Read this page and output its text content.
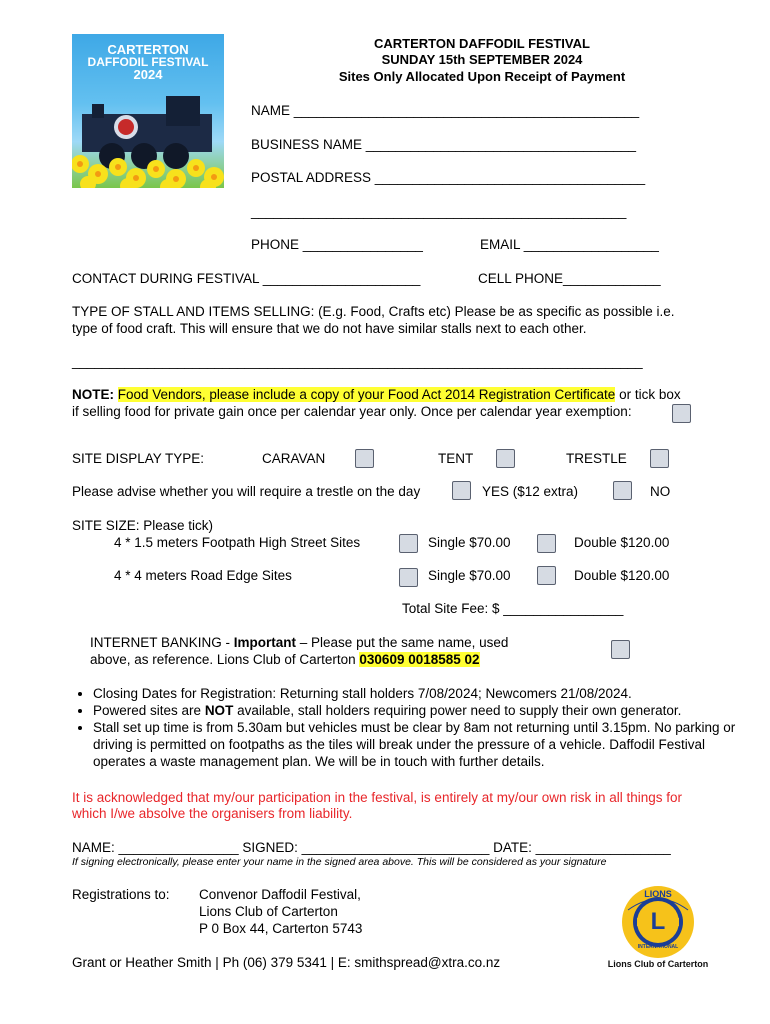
CARTERTON
DAFFODIL FESTIVAL
2024
CARTERTON DAFFODIL FESTIVAL
SUNDAY 15th SEPTEMBER 2024
Sites Only Allocated Upon Receipt of Payment
NAME ______________________________________________
BUSINESS NAME ____________________________________
POSTAL ADDRESS ____________________________________
__________________________________________________
PHONE ________________	EMAIL __________________
CONTACT DURING FESTIVAL _____________________	CELL PHONE_____________
TYPE OF STALL AND ITEMS SELLING: (E.g. Food, Crafts etc) Please be as specific as possible i.e.
type of food craft. This will ensure that we do not have similar stalls next to each other.
____________________________________________________________________________
NOTE: Food Vendors, please include a copy of your Food Act 2014 Registration Certificate or tick box
if selling food for private gain once per calendar year only. Once per calendar year exemption:
SITE DISPLAY TYPE:	CARAVAN	TENT	TRESTLE
Please advise whether you will require a trestle on the day	YES ($12 extra)	NO
SITE SIZE: Please tick)
4 * 1.5 meters Footpath High Street Sites	Single $70.00	Double $120.00
4 * 4 meters Road Edge Sites	Single $70.00	Double $120.00
Total Site Fee: $ ________________
INTERNET BANKING - Important – Please put the same name, used
above, as reference. Lions Club of Carterton 030609 0018585 02
• Closing Dates for Registration: Returning stall holders 7/08/2024; Newcomers 21/08/2024.
• Powered sites are NOT available, stall holders requiring power need to supply their own generator.
• Stall set up time is from 5.30am but vehicles must be clear by 8am not returning until 3.15pm. No parking or driving is permitted on footpaths as the tiles will break under the pressure of a vehicle. Daffodil Festival operates a waste management plan. We will be in touch with further details.
It is acknowledged that my/our participation in the festival, is entirely at my/our own risk in all things for
which I/we absolve the organisers from liability.
NAME: ________________ SIGNED: _________________________ DATE: __________________
If signing electronically, please enter your name in the signed area above. This will be considered as your signature
Registrations to: Convenor Daffodil Festival,
Lions Club of Carterton
P 0 Box 44, Carterton 5743
Grant or Heather Smith | Ph (06) 379 5341 | E: smithspread@xtra.co.nz
L
LIONS
INTERNATIONAL
Lions Club of Carterton
